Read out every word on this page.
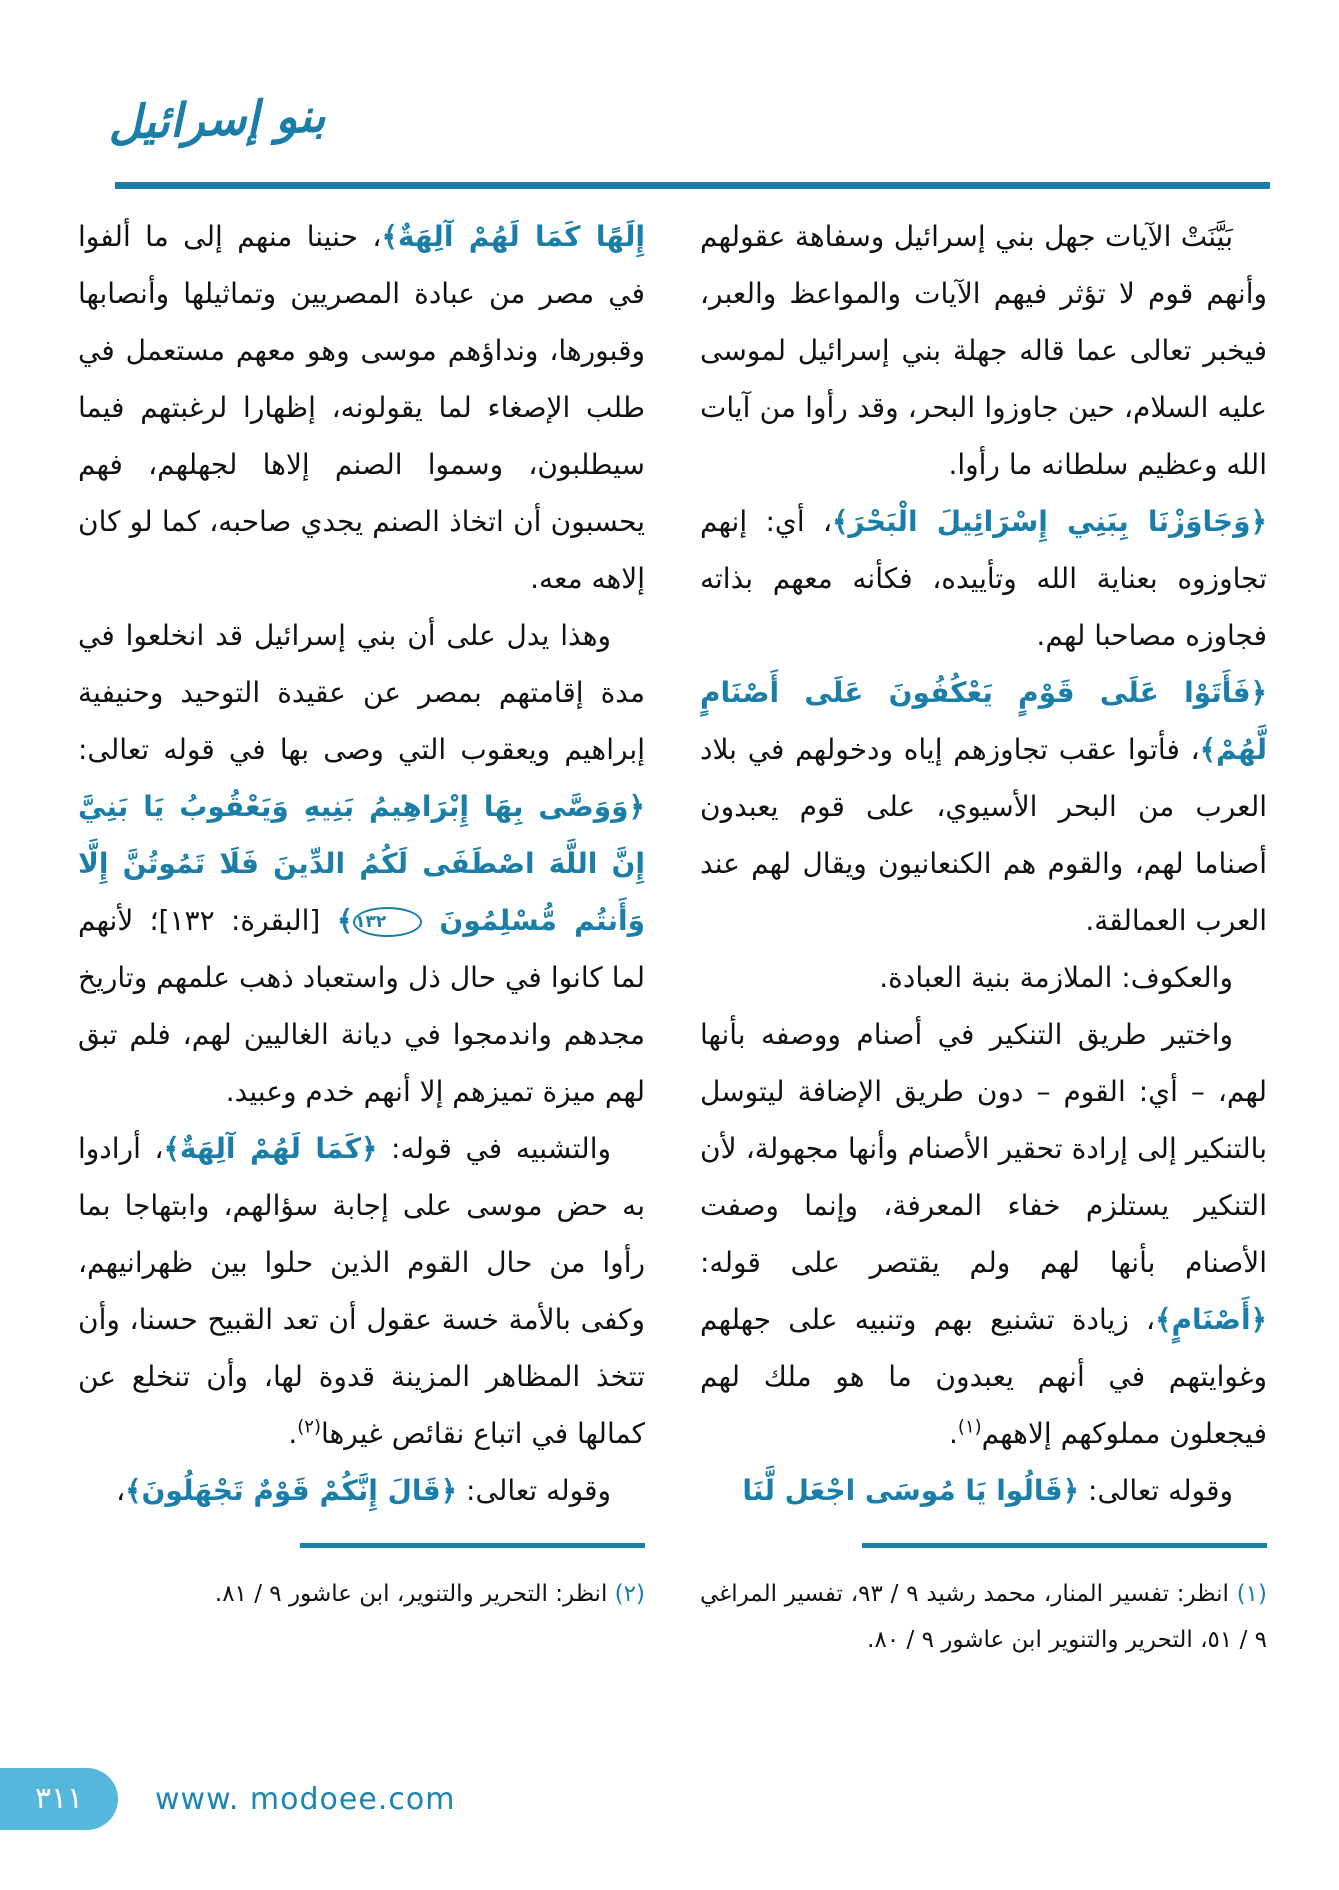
بنو إسرائيل

بَيَّنَتْ الآيات جهل بني إسرائيل وسفاهة عقولهم وأنهم قوم لا تؤثر فيهم الآيات والمواعظ والعبر، فيخبر تعالى عما قاله جهلة بني إسرائيل لموسى عليه السلام، حين جاوزوا البحر، وقد رأوا من آيات الله وعظيم سلطانه ما رأوا.

﴿وَجَاوَزْنَا بِبَنِي إِسْرَائِيلَ الْبَحْرَ﴾، أي: إنهم تجاوزوه بعناية الله وتأييده، فكأنه معهم بذاته فجاوزه مصاحبا لهم.

﴿فَأَتَوْا عَلَى قَوْمٍ يَعْكُفُونَ عَلَى أَصْنَامٍ لَّهُمْ﴾، فأتوا عقب تجاوزهم إياه ودخولهم في بلاد العرب من البحر الأسيوي، على قوم يعبدون أصناما لهم، والقوم هم الكنعانيون ويقال لهم عند العرب العمالقة.

والعكوف: الملازمة بنية العبادة.

واختير طريق التنكير في أصنام ووصفه بأنها لهم، – أي: القوم – دون طريق الإضافة ليتوسل بالتنكير إلى إرادة تحقير الأصنام وأنها مجهولة، لأن التنكير يستلزم خفاء المعرفة، وإنما وصفت الأصنام بأنها لهم ولم يقتصر على قوله: ﴿أَصْنَامٍ﴾، زيادة تشنيع بهم وتنبيه على جهلهم وغوايتهم في أنهم يعبدون ما هو ملك لهم فيجعلون مملوكهم إلاههم$^{(١)}$.

وقوله تعالى: ﴿قَالُوا يَا مُوسَى اجْعَل لَّنَا

(١) انظر: تفسير المنار، محمد رشيد ٩ / ٩٣، تفسير المراغي ٩ / ٥١، التحرير والتنوير ابن عاشور ٩ / ٨٠.

إِلَهًا كَمَا لَهُمْ آلِهَةٌ﴾، حنينا منهم إلى ما ألفوا في مصر من عبادة المصريين وتماثيلها وأنصابها وقبورها، ونداؤهم موسى وهو معهم مستعمل في طلب الإصغاء لما يقولونه، إظهارا لرغبتهم فيما سيطلبون، وسموا الصنم إلاها لجهلهم، فهم يحسبون أن اتخاذ الصنم يجدي صاحبه، كما لو كان إلاهه معه.

وهذا يدل على أن بني إسرائيل قد انخلعوا في مدة إقامتهم بمصر عن عقيدة التوحيد وحنيفية إبراهيم ويعقوب التي وصى بها في قوله تعالى: ﴿وَوَصَّى بِهَا إِبْرَاهِيمُ بَنِيهِ وَيَعْقُوبُ يَا بَنِيَّ إِنَّ اللَّهَ اصْطَفَى لَكُمُ الدِّينَ فَلَا تَمُوتُنَّ إِلَّا وَأَنتُم مُّسْلِمُونَ ١٣٢﴾ [البقرة: ١٣٢]؛ لأنهم لما كانوا في حال ذل واستعباد ذهب علمهم وتاريخ مجدهم واندمجوا في ديانة الغاليين لهم، فلم تبق لهم ميزة تميزهم إلا أنهم خدم وعبيد.

والتشبيه في قوله: ﴿كَمَا لَهُمْ آلِهَةٌ﴾، أرادوا به حض موسى على إجابة سؤالهم، وابتهاجا بما رأوا من حال القوم الذين حلوا بين ظهرانيهم، وكفى بالأمة خسة عقول أن تعد القبيح حسنا، وأن تتخذ المظاهر المزينة قدوة لها، وأن تنخلع عن كمالها في اتباع نقائص غيرها$^{(٢)}$.

وقوله تعالى: ﴿قَالَ إِنَّكُمْ قَوْمٌ تَجْهَلُونَ﴾،

(٢) انظر: التحرير والتنوير، ابن عاشور ٩ / ٨١.

٣١١	www. modoee.com
